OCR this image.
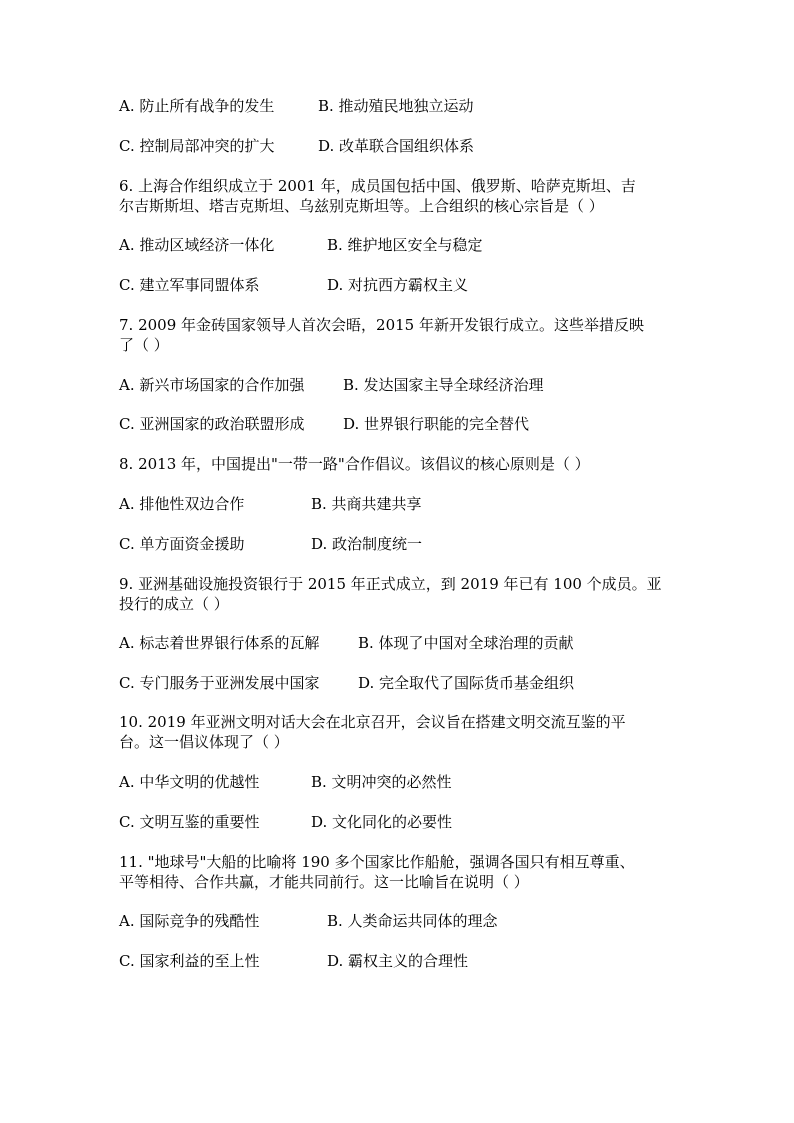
A. 防止所有战争的发生	B. 推动殖民地独立运动
C. 控制局部冲突的扩大	D. 改革联合国组织体系
6. 上海合作组织成立于 2001 年，成员国包括中国、俄罗斯、哈萨克斯坦、吉
尔吉斯斯坦、塔吉克斯坦、乌兹别克斯坦等。上合组织的核心宗旨是（ ）
A. 推动区域经济一体化	B. 维护地区安全与稳定
C. 建立军事同盟体系	D. 对抗西方霸权主义
7. 2009 年金砖国家领导人首次会晤，2015 年新开发银行成立。这些举措反映
了（ ）
A. 新兴市场国家的合作加强	B. 发达国家主导全球经济治理
C. 亚洲国家的政治联盟形成	D. 世界银行职能的完全替代
8. 2013 年，中国提出"一带一路"合作倡议。该倡议的核心原则是（ ）
A. 排他性双边合作	B. 共商共建共享
C. 单方面资金援助	D. 政治制度统一
9. 亚洲基础设施投资银行于 2015 年正式成立，到 2019 年已有 100 个成员。亚
投行的成立（ ）
A. 标志着世界银行体系的瓦解	B. 体现了中国对全球治理的贡献
C. 专门服务于亚洲发展中国家	D. 完全取代了国际货币基金组织
10. 2019 年亚洲文明对话大会在北京召开，会议旨在搭建文明交流互鉴的平
台。这一倡议体现了（ ）
A. 中华文明的优越性	B. 文明冲突的必然性
C. 文明互鉴的重要性	D. 文化同化的必要性
11. "地球号"大船的比喻将 190 多个国家比作船舱，强调各国只有相互尊重、
平等相待、合作共赢，才能共同前行。这一比喻旨在说明（ ）
A. 国际竞争的残酷性	B. 人类命运共同体的理念
C. 国家利益的至上性	D. 霸权主义的合理性
